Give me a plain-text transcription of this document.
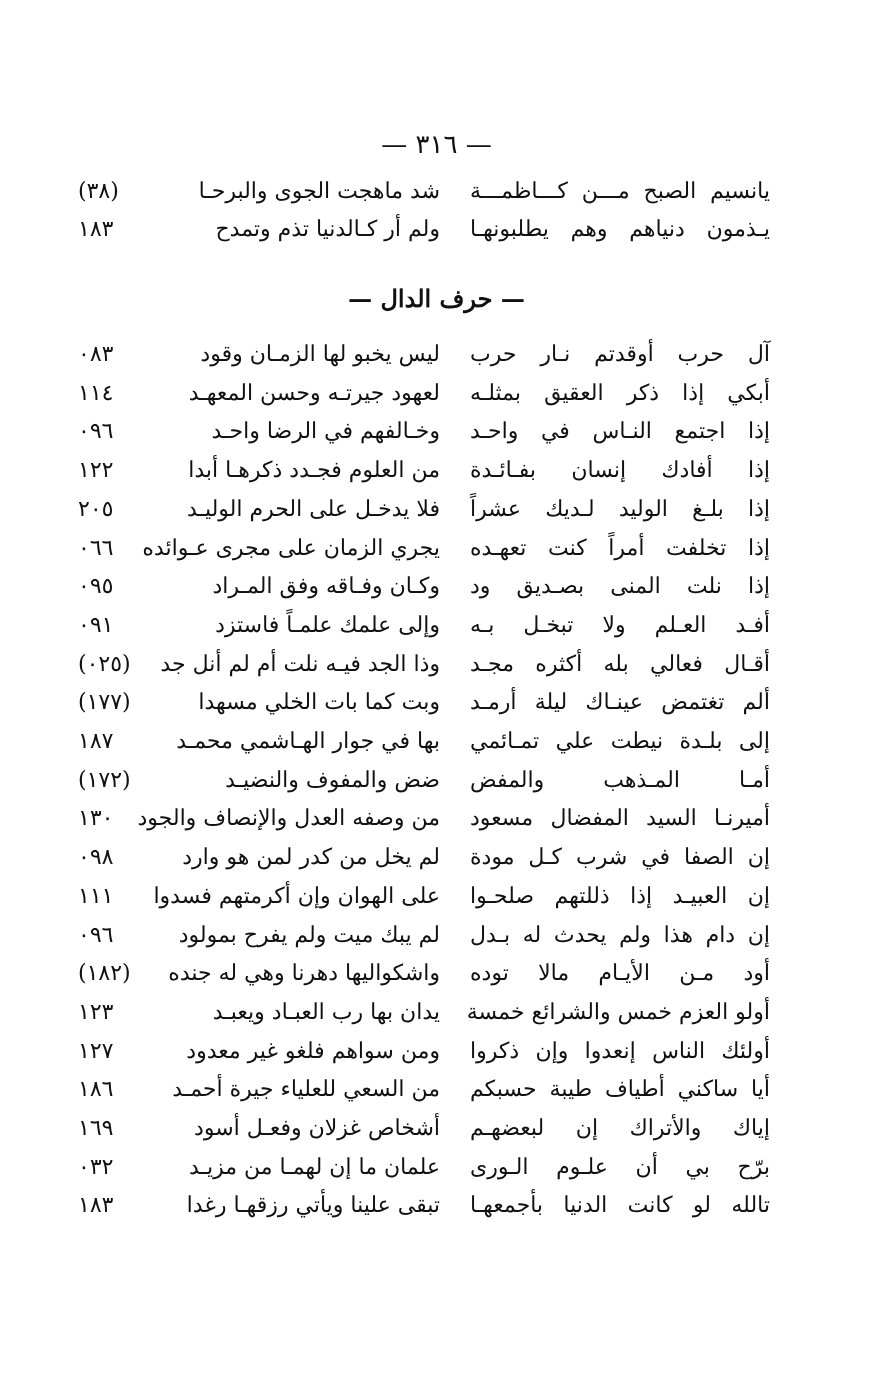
— ٣١٦ —
يانسيم الصبح مـــن كـــاظمـــة
شد ماهجت الجوى والبرحـا
(٣٨)
يـذمون دنياهم وهم يطلبونهـا
ولم أر كـالدنيا تذم وتمدح
١٨٣
— حرف الدال —
آل حرب أوقدتم نـار حرب
ليس يخبو لها الزمـان وقود
٠٨٣
أبكي إذا ذكر العقيق بمثلـه
لعهود جيرتـه وحسن المعهـد
١١٤
إذا اجتمع النـاس في واحـد
وخـالفهم في الرضا واحـد
٠٩٦
إذا أفادك إنسان بفـائـدة
من العلوم فجـدد ذكرهـا أبدا
١٢٢
إذا بلـغ الوليد لـديك عشراً
فلا يدخـل على الحرم الوليـد
٢٠٥
إذا تخلفت أمراً كنت تعهـده
يجري الزمان على مجرى عـوائده
٠٦٦
إذا نلت المنى بصـديق ود
وكـان وفـاقه وفق المـراد
٠٩٥
أفـد العـلم ولا تبخـل بـه
وإلى علمك علمـاً فاستزد
٠٩١
أقـال فعالي بله أكثره مجـد
وذا الجد فيـه نلت أم لم أنل جد
(٠٢٥)
ألم تغتمض عينـاك ليلة أرمـد
وبت كما بات الخلي مسهدا
(١٧٧)
إلى بلـدة نيطت علي تمـائمي
بها في جوار الهـاشمي محمـد
١٨٧
أمـا المـذهب والمفض
ضض والمفوف والنضيـد
(١٧٢)
أميرنـا السيد المفضال مسعود
من وصفه العدل والإنصاف والجود
١٣٠
إن الصفا في شرب كـل مودة
لم يخل من كدر لمن هو وارد
٠٩٨
إن العبيـد إذا ذللتهم صلحـوا
على الهوان وإن أكرمتهم فسدوا
١١١
إن دام هذا ولم يحدث له بـدل
لم يبك ميت ولم يفرح بمولود
٠٩٦
أود مـن الأيـام مالا توده
واشكواليها دهرنا وهي له جنده
(١٨٢)
أولو العزم خمس والشرائع خمسة
يدان بها رب العبـاد ويعبـد
١٢٣
أولئك الناس إنعدوا وإن ذكروا
ومن سواهم فلغو غير معدود
١٢٧
أيا ساكني أطياف طيبة حسبكم
من السعي للعلياء جيرة أحمـد
١٨٦
إياك والأتراك إن لبعضهـم
أشخاص غزلان وفعـل أسود
١٦٩
برّح بي أن علـوم الـورى
علمان ما إن لهمـا من مزيـد
٠٣٢
تالله لو كانت الدنيا بأجمعهـا
تبقى علينا ويأتي رزقهـا رغدا
١٨٣
